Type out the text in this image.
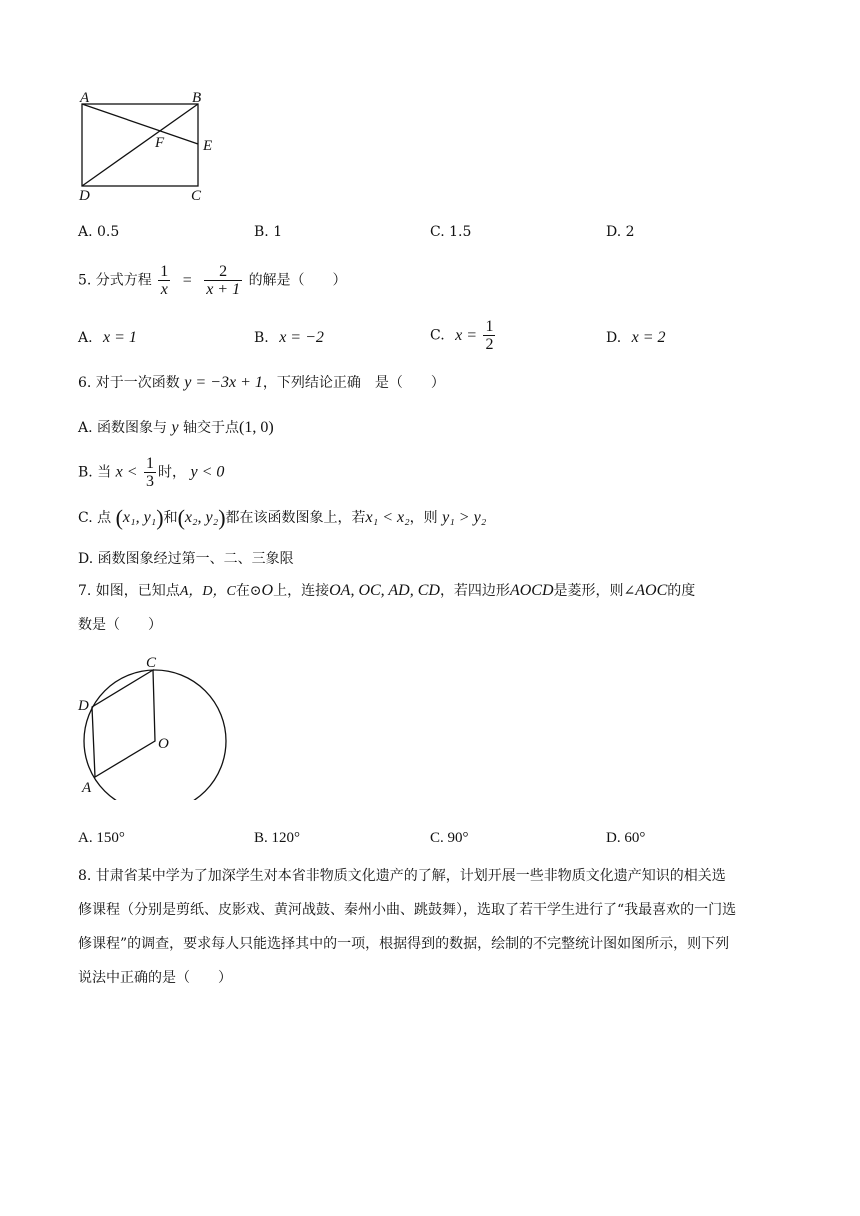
A	B
E
F
D	C
A. 0.5	B. 1	C. 1.5	D. 2
5. 分式方程 $\frac{1}{x} = \frac{2}{x + 1}$ 的解是（　　）
A. x = 1	B. x = −2	C. $x = \frac{1}{2}$	D. x = 2
6. 对于一次函数 y = −3x + 1，下列结论正确　是（　　）
A. 函数图象与 y 轴交于点(1, 0)
B. 当 $x < \frac{1}{3}$ 时， y < 0
C. 点 (x₁, y₁)和(x₂, y₂)都在该函数图象上，若x₁ < x₂，则 y₁ > y₂
D. 函数图象经过第一、二、三象限
7. 如图，已知点A，D，C在⊙O上，连接OA, OC, AD, CD，若四边形AOCD是菱形，则∠AOC的度
数是（　　）
C
D
O
A
A. 150°	B. 120°	C. 90°	D. 60°
8. 甘肃省某中学为了加深学生对本省非物质文化遗产的了解，计划开展一些非物质文化遗产知识的相关选
修课程（分别是剪纸、皮影戏、黄河战鼓、秦州小曲、跳鼓舞），选取了若干学生进行了“我最喜欢的一门选
修课程”的调查，要求每人只能选择其中的一项，根据得到的数据，绘制的不完整统计图如图所示，则下列
说法中正确的是（　　）
